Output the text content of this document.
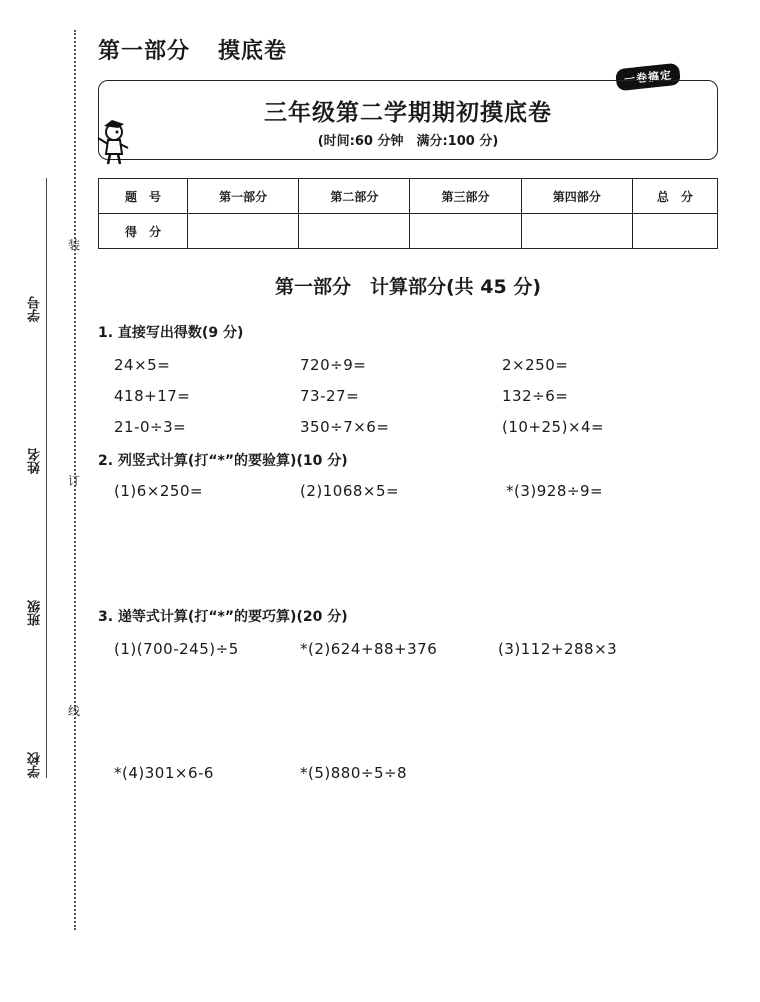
学号
姓名
班级
学校
装
订
线
第一部分 摸底卷
一卷搞定
三年级第二学期期初摸底卷
(时间:60 分钟　满分:100 分)
题　号	第一部分	第二部分	第三部分	第四部分	总　分
得　分					
第一部分　计算部分(共 45 分)
1. 直接写出得数(9 分)
24×5=	720÷9=	2×250=
418+17=	73-27=	132÷6=
21-0÷3=	350÷7×6=	(10+25)×4=
2. 列竖式计算(打“*”的要验算)(10 分)
(1)6×250=	(2)1068×5=	*(3)928÷9=
3. 递等式计算(打“*”的要巧算)(20 分)
(1)(700-245)÷5	*(2)624+88+376	(3)112+288×3
*(4)301×6-6	*(5)880÷5÷8
